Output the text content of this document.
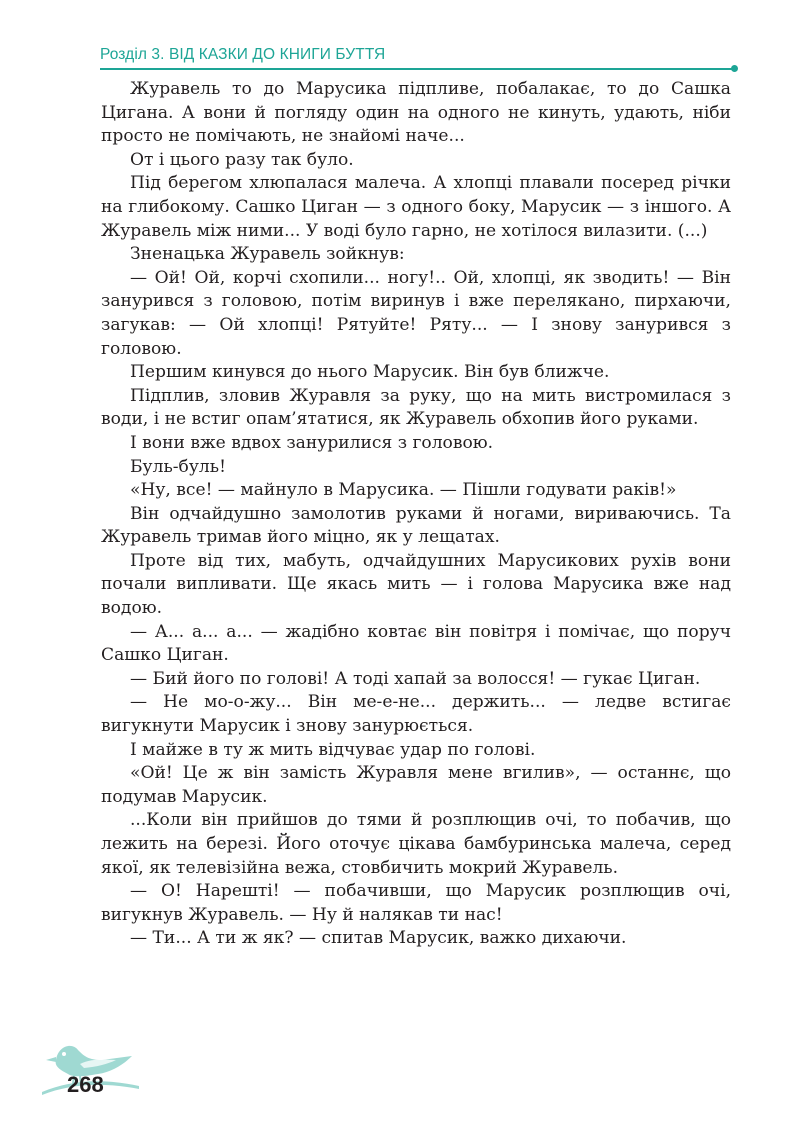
Розділ 3. ВІД КАЗКИ ДО КНИГИ БУТТЯ

Журавель то до Марусика підпливе, побалакає, то до Сашка Цигана. А вони й погляду один на одного не кинуть, удають, ніби просто не помічають, не знайомі наче...

От і цього разу так було.

Під берегом хлюпалася малеча. А хлопці плавали посеред річки на глибокому. Сашко Циган — з одного боку, Марусик — з іншого. А Журавель між ними... У воді було гарно, не хотілося вилазити. (...)

Зненацька Журавель зойкнув:

— Ой! Ой, корчі схопили... ногу!.. Ой, хлопці, як зводить! — Він занурився з головою, потім виринув і вже перелякано, пирхаючи, загукав: — Ой хлопці! Рятуйте! Ряту... — І знову занурився з головою.

Першим кинувся до нього Марусик. Він був ближче.

Підплив, зловив Журавля за руку, що на мить вистромилася з води, і не встиг опам’ятатися, як Журавель обхопив його руками.

І вони вже вдвох занурилися з головою.

Буль-буль!

«Ну, все! — майнуло в Марусика. — Пішли годувати раків!»

Він одчайдушно замолотив руками й ногами, вириваючись. Та Журавель тримав його міцно, як у лещатах.

Проте від тих, мабуть, одчайдушних Марусикових рухів вони почали випливати. Ще якась мить — і голова Марусика вже над водою.

— А... а... а... — жадібно ковтає він повітря і помічає, що поруч Сашко Циган.

— Бий його по голові! А тоді хапай за волосся! — гукає Циган.

— Не мо-о-жу... Він ме-е-не... держить... — ледве встигає вигукнути Марусик і знову занурюється.

І майже в ту ж мить відчуває удар по голові.

«Ой! Це ж він замість Журавля мене вгилив», — останнє, що подумав Марусик.

...Коли він прийшов до тями й розплющив очі, то побачив, що лежить на березі. Його оточує цікава бамбуринська малеча, серед якої, як телевізійна вежа, стовбичить мокрий Журавель.

— О! Нарешті! — побачивши, що Марусик розплющив очі, вигукнув Журавель. — Ну й налякав ти нас!

— Ти... А ти ж як? — спитав Марусик, важко дихаючи.

268
